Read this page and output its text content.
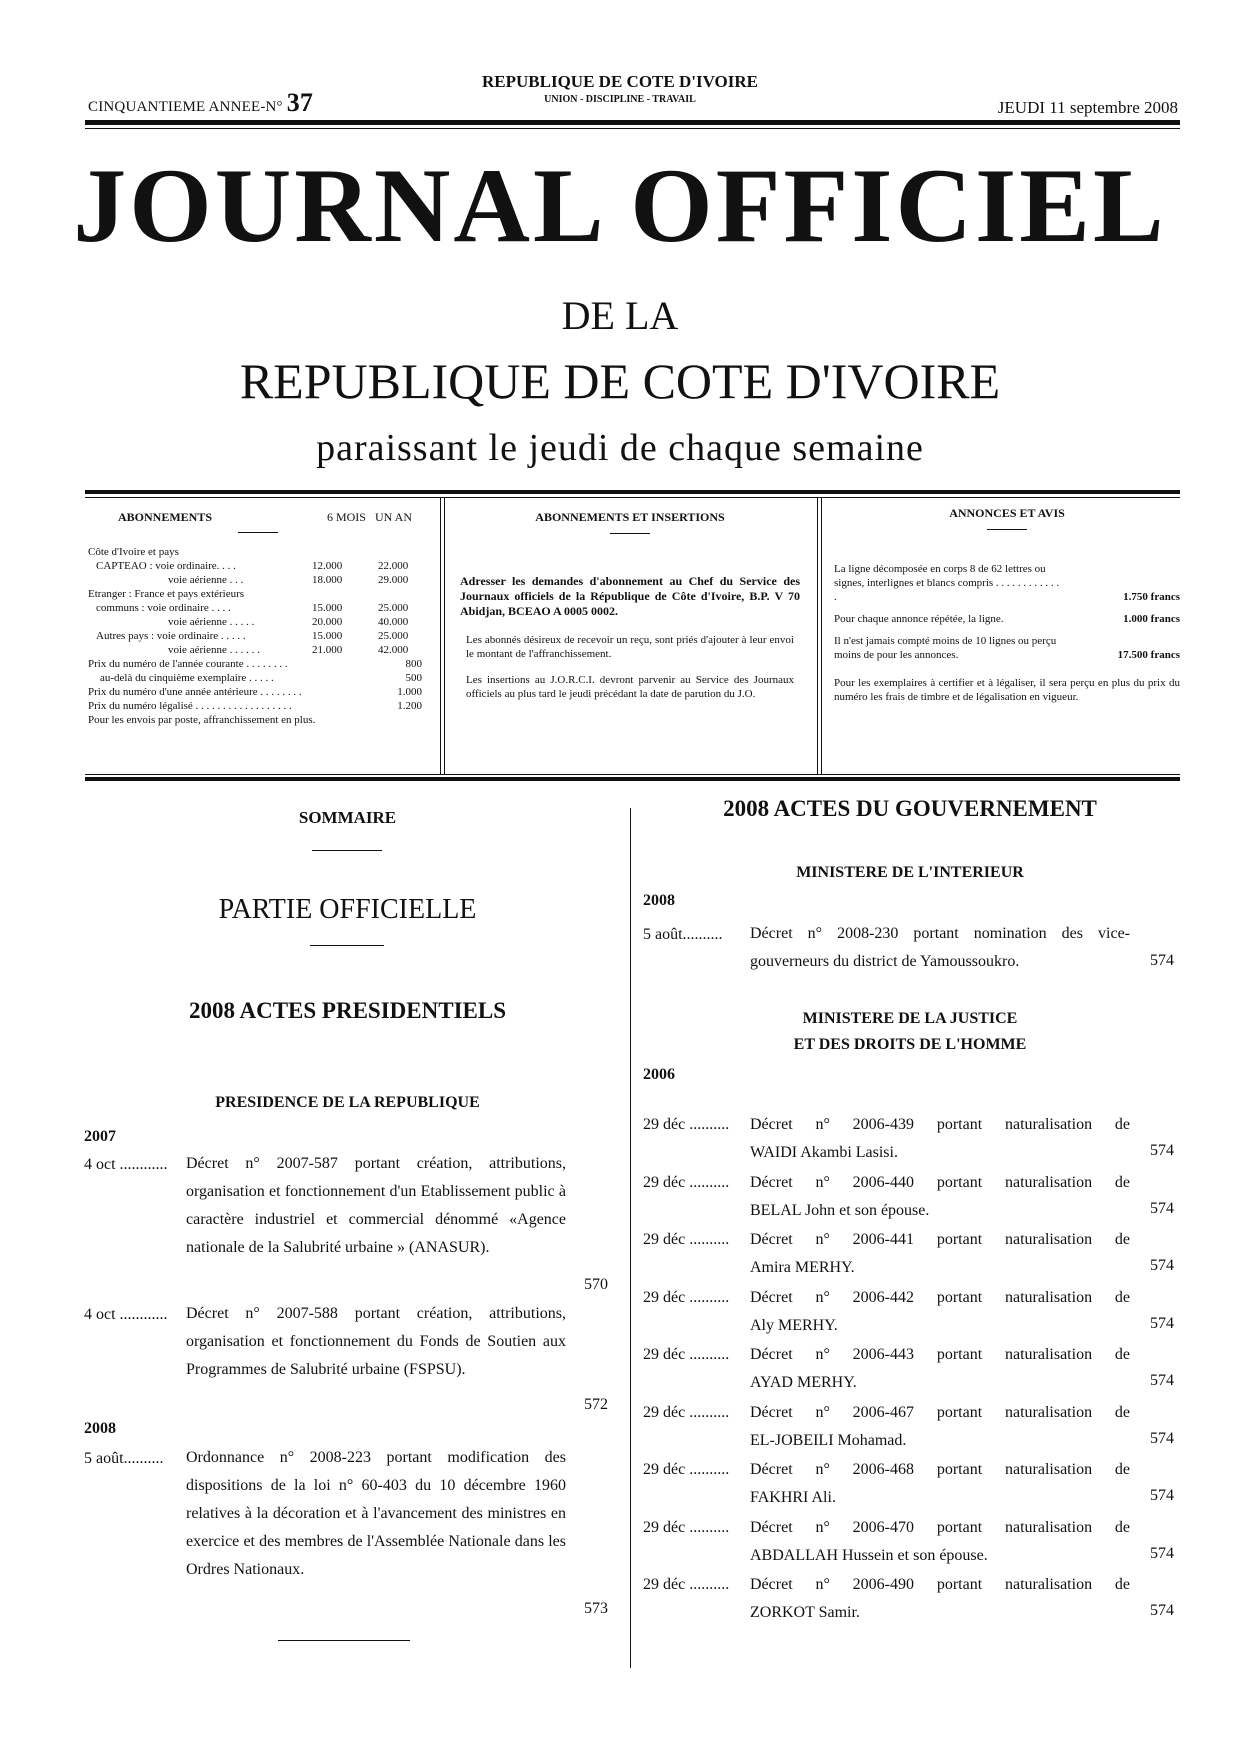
CINQUANTIEME ANNEE-N° 37
REPUBLIQUE DE COTE D'IVOIRE
UNION - DISCIPLINE - TRAVAIL	JEUDI 11 septembre 2008
JOURNAL OFFICIEL
DE LA
REPUBLIQUE DE COTE D'IVOIRE
paraissant le jeudi de chaque semaine
ABONNEMENTS	6 MOIS UN AN
Côte d'Ivoire et pays
CAPTEAO : voie ordinaire. . . .	12.000	22.000
voie aérienne . . .	18.000	29.000
Etranger : France et pays extérieurs
communs : voie ordinaire . . . .	15.000	25.000
voie aérienne . . . . .	20.000	40.000
Autres pays : voie ordinaire . . . . .	15.000	25.000
voie aérienne . . . . . .	21.000	42.000
Prix du numéro de l'année courante . . . . . . . .	800
au-delà du cinquième exemplaire . . . . .	500
Prix du numéro d'une année antérieure . . . . . . . .	1.000
Prix du numéro légalisé . . . . . . . . . . . . . . . . . .	1.200
Pour les envois par poste, affranchissement en plus.
ABONNEMENTS ET INSERTIONS
Adresser les demandes d'abonnement au Chef du Service des Journaux officiels de la République de Côte d'Ivoire, B.P. V 70 Abidjan, BCEAO A 0005 0002.
Les abonnés désireux de recevoir un reçu, sont priés d'ajouter à leur envoi le montant de l'affranchissement.
Les insertions au J.O.R.C.I. devront parvenir au Service des Journaux officiels au plus tard le jeudi précédant la date de parution du J.O.
ANNONCES ET AVIS
La ligne décomposée en corps 8 de 62 lettres ou signes, interlignes et blancs compris . . . . . . . . . . . . .	1.750 francs
Pour chaque annonce répétée, la ligne.	1.000 francs
Il n'est jamais compté moins de 10 lignes ou perçu moins de pour les annonces.	17.500 francs
Pour les exemplaires à certifier et à légaliser, il sera perçu en plus du prix du numéro les frais de timbre et de légalisation en vigueur.
SOMMAIRE
PARTIE OFFICIELLE
2008 ACTES PRESIDENTIELS
PRESIDENCE DE LA REPUBLIQUE
2007
2008
4 oct ............	Décret n° 2007-587 portant création, attributions, organisation et fonctionnement d'un Etablissement public à caractère industriel et commercial dénommé «Agence nationale de la Salubrité urbaine » (ANASUR).
570
4 oct ............	Décret n° 2007-588 portant création, attributions, organisation et fonctionnement du Fonds de Soutien aux Programmes de Salubrité urbaine (FSPSU).
572
5 août..........	Ordonnance n° 2008-223 portant modification des dispositions de la loi n° 60-403 du 10 décembre 1960 relatives à la décoration et à l'avancement des ministres en exercice et des membres de l'Assemblée Nationale dans les Ordres Nationaux.
573
2008 ACTES DU GOUVERNEMENT
MINISTERE DE L'INTERIEUR
2008
5 août..........	Décret n° 2008-230 portant nomination des vice-gouverneurs du district de Yamoussoukro.	574
MINISTERE DE LA JUSTICE
ET DES DROITS DE L'HOMME
2006
29 déc ..........	Décret n° 2006-439 portant naturalisation de
WAIDI Akambi Lasisi.	574
29 déc ..........	Décret n° 2006-440 portant naturalisation de
BELAL John et son épouse.	574
29 déc ..........	Décret n° 2006-441 portant naturalisation de
Amira MERHY.	574
29 déc ..........	Décret n° 2006-442 portant naturalisation de
Aly MERHY.	574
29 déc ..........	Décret n° 2006-443 portant naturalisation de
AYAD MERHY.	574
29 déc ..........	Décret n° 2006-467 portant naturalisation de
EL-JOBEILI Mohamad.	574
29 déc ..........	Décret n° 2006-468 portant naturalisation de
FAKHRI Ali.	574
29 déc ..........	Décret n° 2006-470 portant naturalisation de
ABDALLAH Hussein et son épouse.	574
29 déc ..........	Décret n° 2006-490 portant naturalisation de
ZORKOT Samir.	574
